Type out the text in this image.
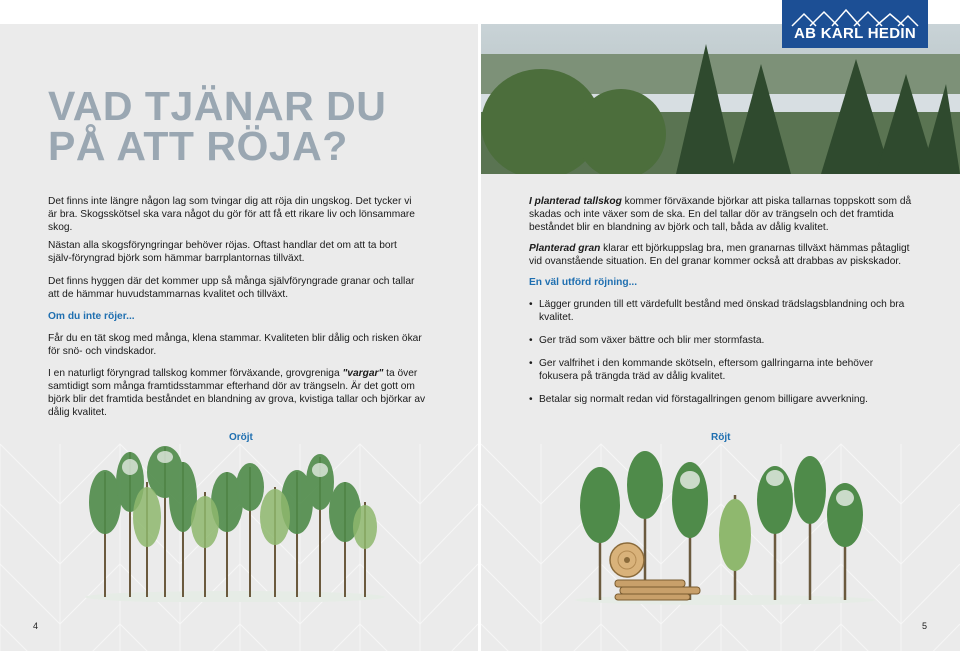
VAD TJÄNAR DU
PÅ ATT RÖJA?
Det finns inte längre någon lag som tvingar dig att röja din ungskog. Det tycker vi är bra. Skogsskötsel ska vara något du gör för att få ett rikare liv och lönsammare skog.
Nästan alla skogsföryngringar behöver röjas. Oftast handlar det om att ta bort själv-föryngrad björk som hämmar barrplantornas tillväxt.
Det finns hyggen där det kommer upp så många självföryngrade granar och tallar att de hämmar huvudstammarnas kvalitet och tillväxt.
Om du inte röjer...
Får du en tät skog med många, klena stammar. Kvaliteten blir dålig och risken ökar för snö- och vindskador.
I en naturligt föryngrad tallskog kommer förväxande, grovgreniga "vargar" ta över samtidigt som många framtidsstammar efterhand dör av trängseln. Är det gott om björk blir det framtida beståndet en blandning av grova, kvistiga tallar och björkar av dålig kvalitet.
Oröjt
4
AB KARL HEDIN
I planterad tallskog kommer förväxande björkar att piska tallarnas toppskott som då skadas och inte växer som de ska. En del tallar dör av trängseln och det framtida beståndet blir en blandning av björk och tall, båda av dålig kvalitet.
Planterad gran klarar ett björkuppslag bra, men granarnas tillväxt hämmas påtagligt vid ovanstående situation. En del granar kommer också att drabbas av piskskador.
En väl utförd röjning...
• Lägger grunden till ett värdefullt bestånd med önskad trädslagsblandning och bra kvalitet.
• Ger träd som växer bättre och blir mer stormfasta.
• Ger valfrihet i den kommande skötseln, eftersom gallringarna inte behöver fokusera på trängda träd av dålig kvalitet.
• Betalar sig normalt redan vid förstagallringen genom billigare avverkning.
Röjt
5
